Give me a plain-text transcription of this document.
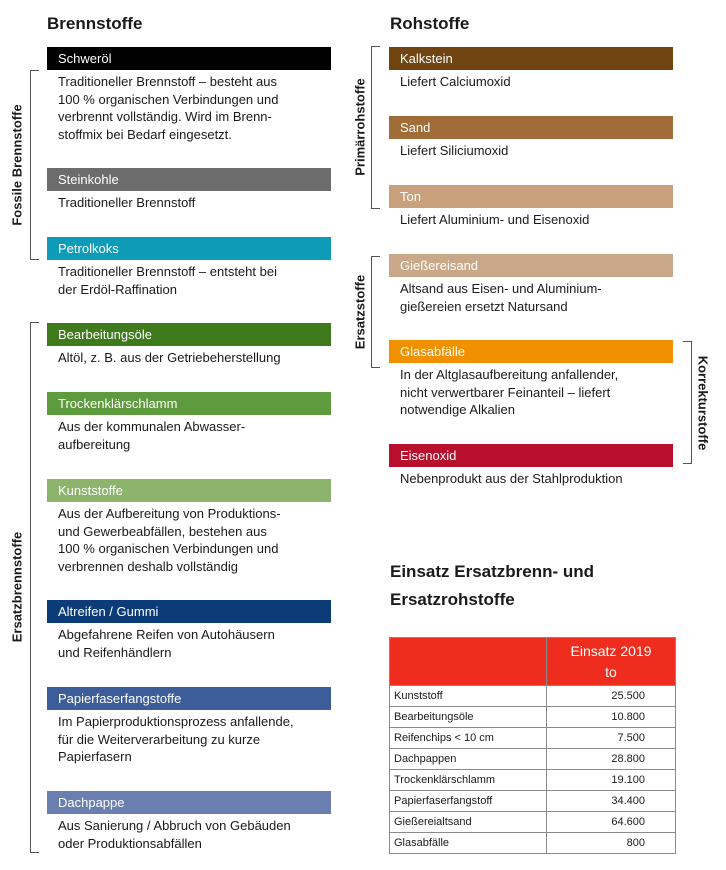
Brennstoffe	Rohstoffe
Fossile Brennstoffe
Ersatzbrennstoffe
Primärrohstoffe
Ersatzstoffe
Korrekturstoffe
Schweröl
Traditioneller Brennstoff – besteht aus
100 % organischen Verbindungen und
verbrennt vollständig. Wird im Brenn-
stoffmix bei Bedarf eingesetzt.
Steinkohle
Traditioneller Brennstoff
Petrolkoks
Traditioneller Brennstoff – entsteht bei
der Erdöl-Raffination
Bearbeitungsöle
Altöl, z. B. aus der Getriebeherstellung
Trockenklärschlamm
Aus der kommunalen Abwasser-
aufbereitung
Kunststoffe
Aus der Aufbereitung von Produktions-
und Gewerbeabfällen, bestehen aus
100 % organischen Verbindungen und
verbrennen deshalb vollständig
Altreifen / Gummi
Abgefahrene Reifen von Autohäusern
und Reifenhändlern
Papierfaserfangstoffe
Im Papierproduktionsprozess anfallende,
für die Weiterverarbeitung zu kurze
Papierfasern
Dachpappe
Aus Sanierung / Abbruch von Gebäuden
oder Produktionsabfällen
Kalkstein
Liefert Calciumoxid
Sand
Liefert Siliciumoxid
Ton
Liefert Aluminium- und Eisenoxid
Gießereisand
Altsand aus Eisen- und Aluminium-
gießereien ersetzt Natursand
Glasabfälle
In der Altglasaufbereitung anfallender,
nicht verwertbarer Feinanteil – liefert
notwendige Alkalien
Eisenoxid
Nebenprodukt aus der Stahlproduktion
Einsatz Ersatzbrenn- und Ersatzrohstoffe
	Einsatz 2019
to
Kunststoff	25.500
Bearbeitungsöle	10.800
Reifenchips < 10 cm	7.500
Dachpappen	28.800
Trockenklärschlamm	19.100
Papierfaserfangstoff	34.400
Gießereialtsand	64.600
Glasabfälle	800
